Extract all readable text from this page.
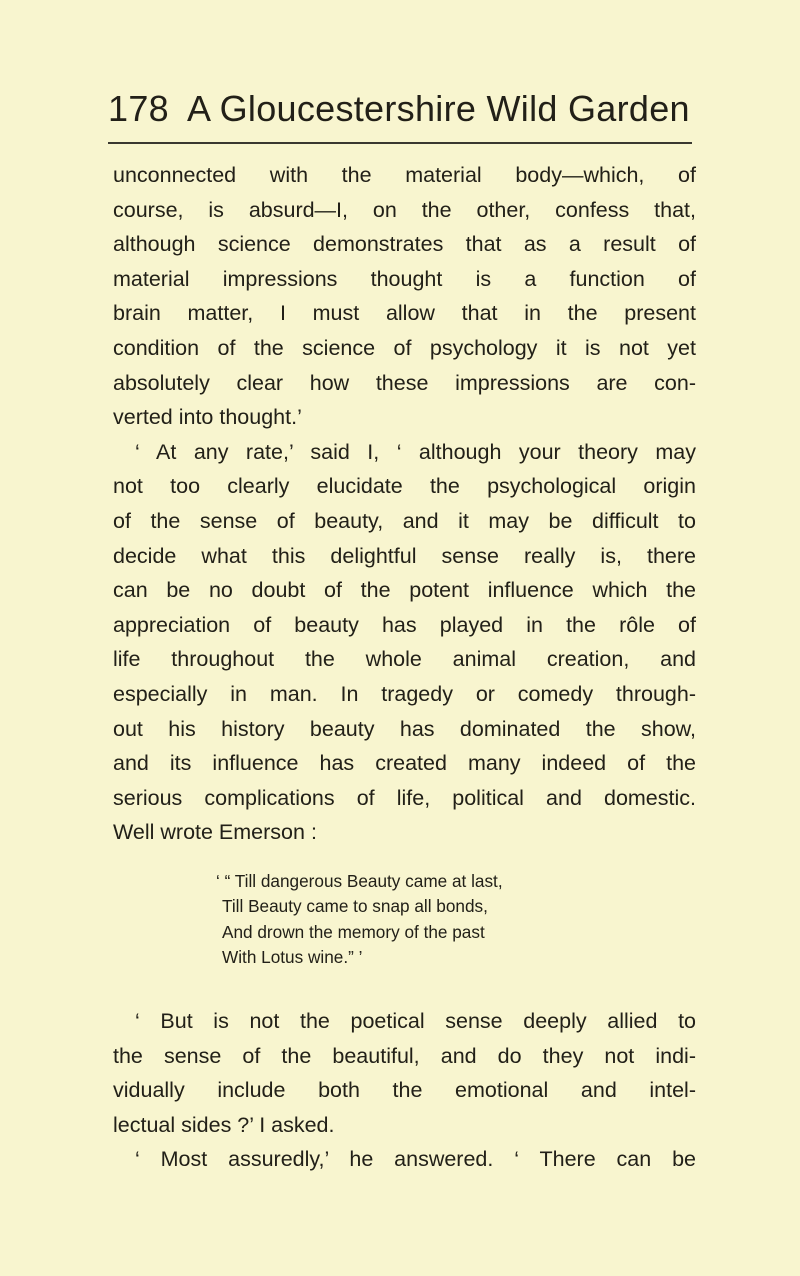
178 A Gloucestershire Wild Garden
unconnected with the material body—which, of
course, is absurd—I, on the other, confess that,
although science demonstrates that as a result of
material impressions thought is a function of
brain matter, I must allow that in the present
condition of the science of psychology it is not yet
absolutely clear how these impressions are con-
verted into thought.’
‘ At any rate,’ said I, ‘ although your theory may
not too clearly elucidate the psychological origin
of the sense of beauty, and it may be difficult to
decide what this delightful sense really is, there
can be no doubt of the potent influence which the
appreciation of beauty has played in the rôle of
life throughout the whole animal creation, and
especially in man. In tragedy or comedy through-
out his history beauty has dominated the show,
and its influence has created many indeed of the
serious complications of life, political and domestic.
Well wrote Emerson :
‘ “ Till dangerous Beauty came at last,
Till Beauty came to snap all bonds,
And drown the memory of the past
With Lotus wine.” ’
‘ But is not the poetical sense deeply allied to
the sense of the beautiful, and do they not indi-
vidually include both the emotional and intel-
lectual sides ?’ I asked.
‘ Most assuredly,’ he answered. ‘ There can be
